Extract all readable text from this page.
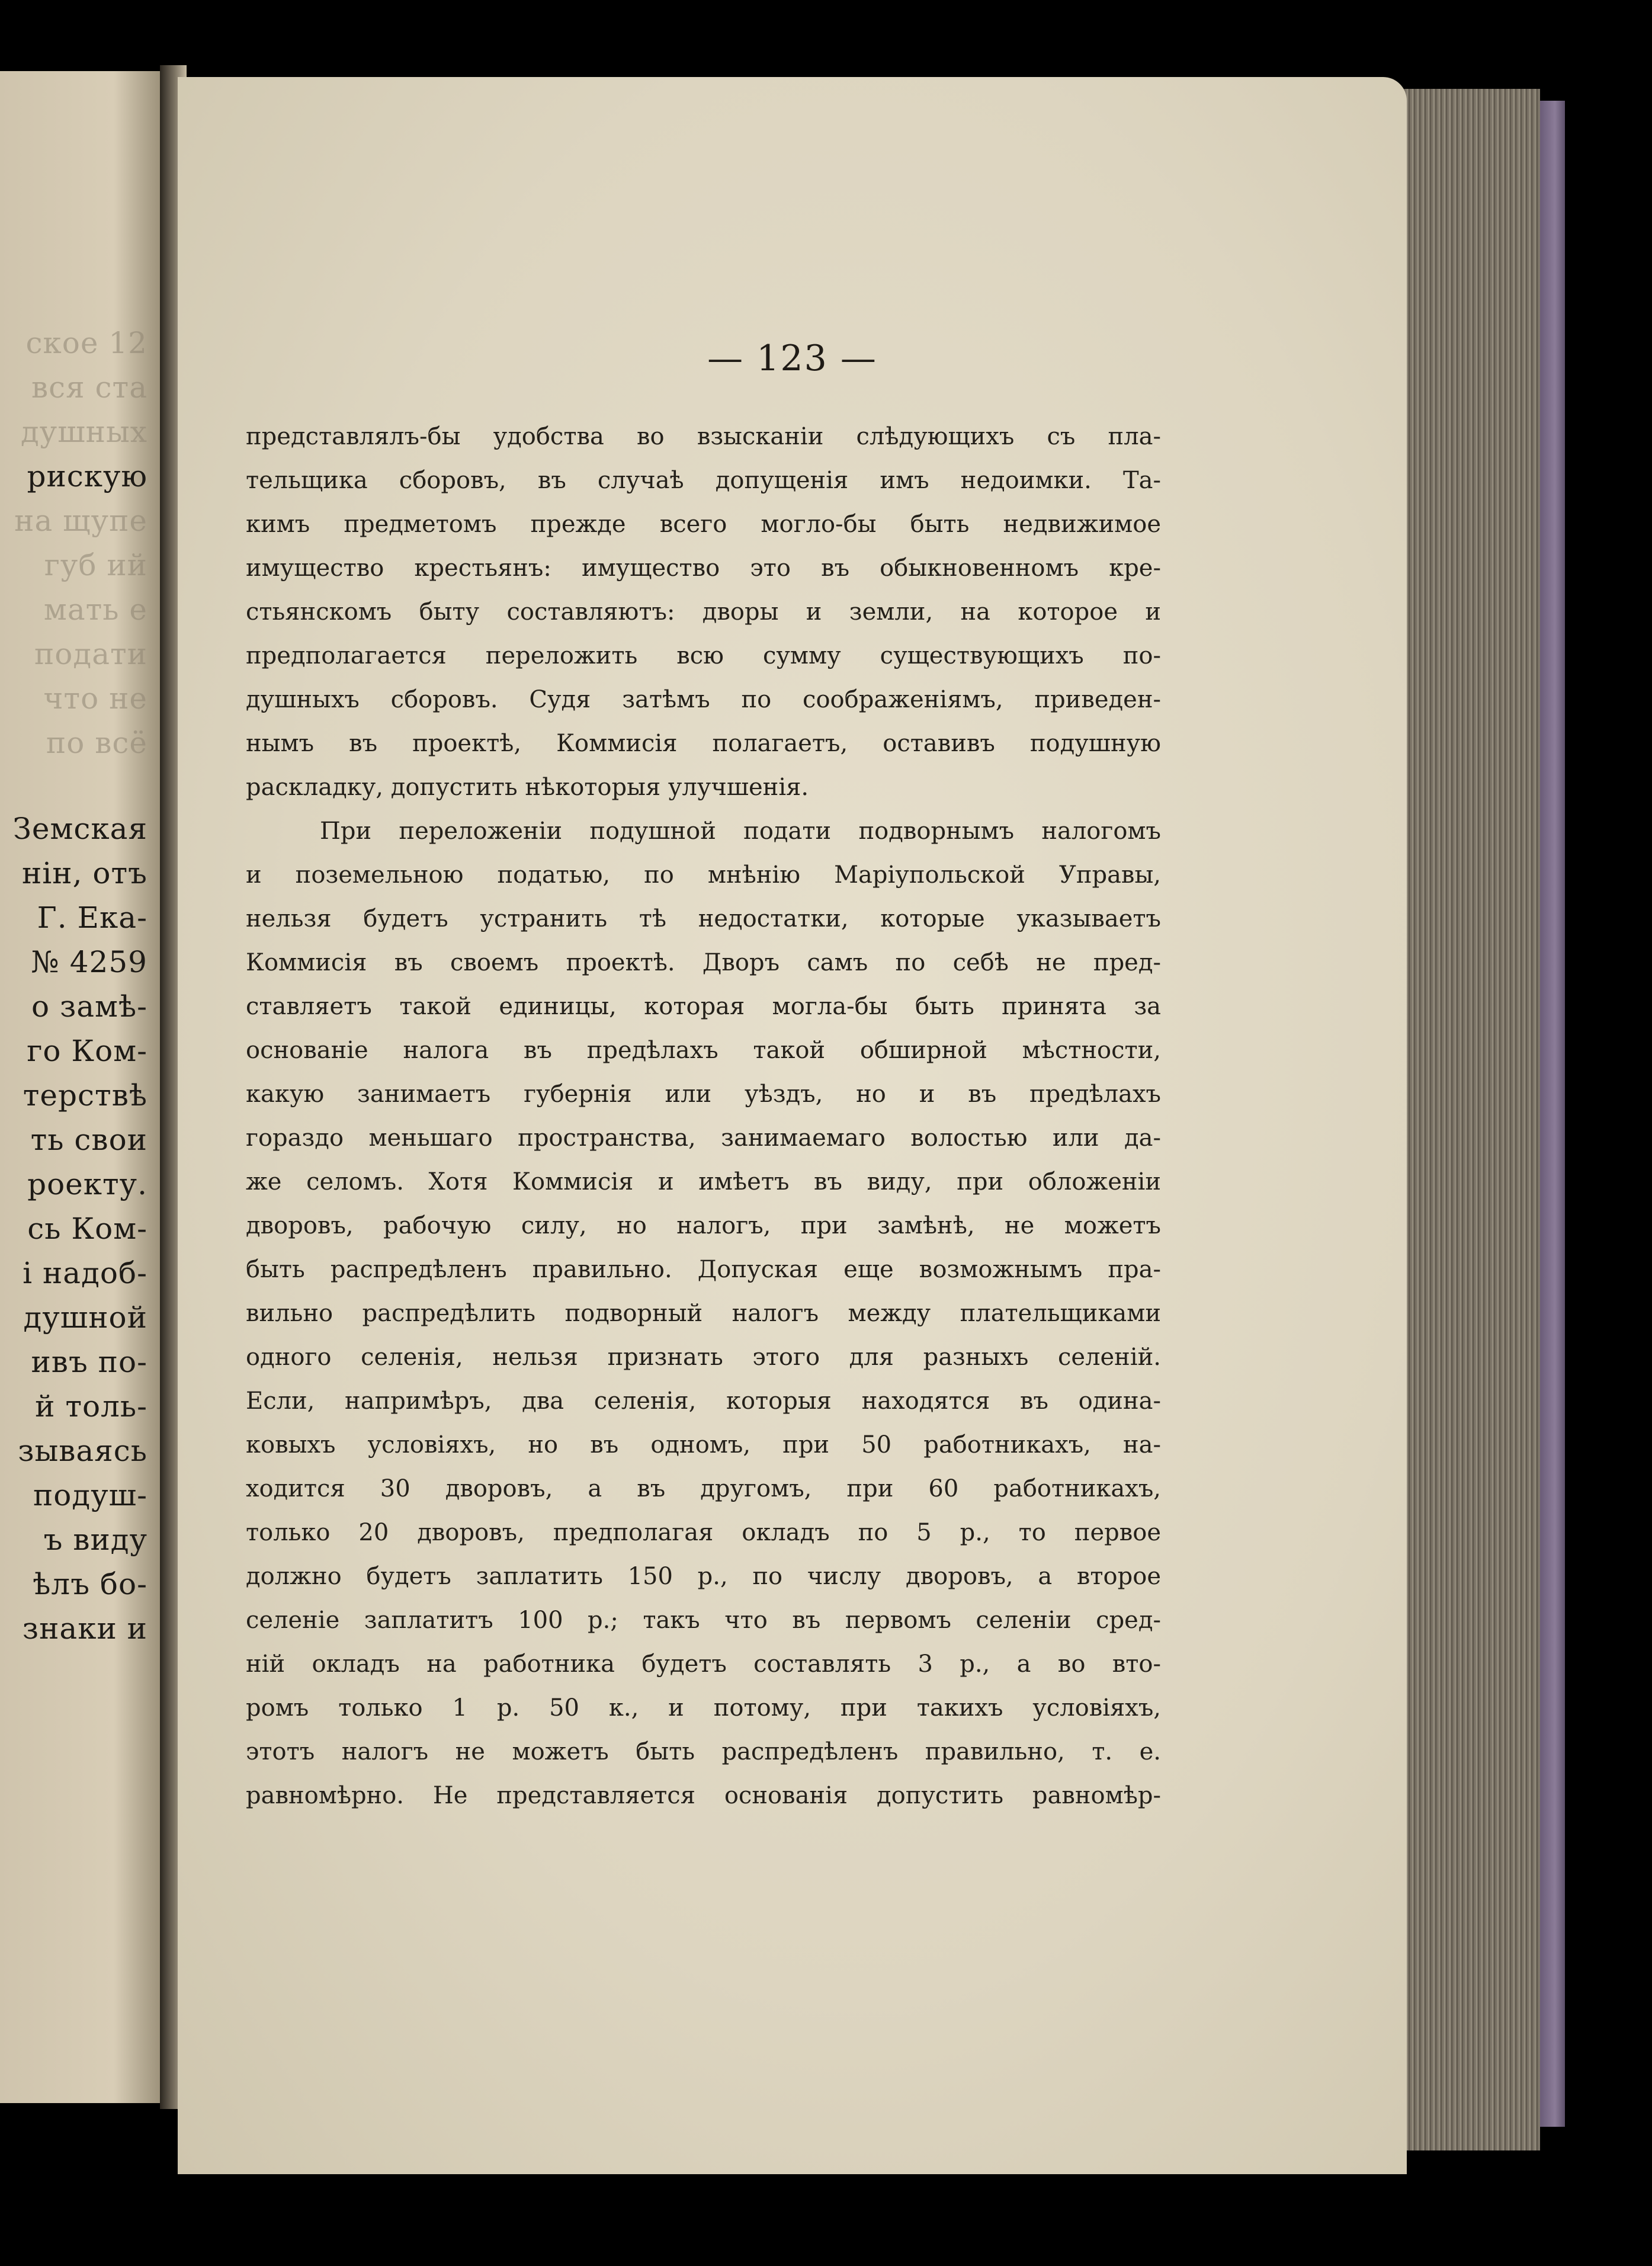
ское 12
вся ста
душных
рискую
на щупе
губ ий
мать е
подати
что не
по всё
Земская
нін, отъ
Г. Ека-
№ 4259
о замѣ-
го Ком-
терствѣ
ть свои
роекту.
сь Ком-
і надоб-
душной
ивъ по-
й толь-
зываясь
подуш-
ъ виду
ѣлъ бо-
знаки и
— 123 —
представлялъ-бы удобства во взысканіи слѣдующихъ съ пла-
тельщика сборовъ, въ случаѣ допущенія имъ недоимки. Та-
кимъ предметомъ прежде всего могло-бы быть недвижимое
имущество крестьянъ: имущество это въ обыкновенномъ кре-
стьянскомъ быту составляютъ: дворы и земли, на которое и
предполагается переложить всю сумму существующихъ по-
душныхъ сборовъ. Судя затѣмъ по соображеніямъ, приведен-
нымъ въ проектѣ, Коммисія полагаетъ, оставивъ подушную
раскладку, допустить нѣкоторыя улучшенія.
При переложеніи подушной подати подворнымъ налогомъ
и поземельною податью, по мнѣнію Маріупольской Управы,
нельзя будетъ устранить тѣ недостатки, которые указываетъ
Коммисія въ своемъ проектѣ. Дворъ самъ по себѣ не пред-
ставляетъ такой единицы, которая могла-бы быть принята за
основаніе налога въ предѣлахъ такой обширной мѣстности,
какую занимаетъ губернія или уѣздъ, но и въ предѣлахъ
гораздо меньшаго пространства, занимаемаго волостью или да-
же селомъ. Хотя Коммисія и имѣетъ въ виду, при обложеніи
дворовъ, рабочую силу, но налогъ, при замѣнѣ, не можетъ
быть распредѣленъ правильно. Допуская еще возможнымъ пра-
вильно распредѣлить подворный налогъ между плательщиками
одного селенія, нельзя признать этого для разныхъ селеній.
Если, напримѣръ, два селенія, которыя находятся въ одина-
ковыхъ условіяхъ, но въ одномъ, при 50 работникахъ, на-
ходится 30 дворовъ, а въ другомъ, при 60 работникахъ,
только 20 дворовъ, предполагая окладъ по 5 р., то первое
должно будетъ заплатить 150 р., по числу дворовъ, а второе
селеніе заплатитъ 100 р.; такъ что въ первомъ селеніи сред-
ній окладъ на работника будетъ составлять 3 р., а во вто-
ромъ только 1 р. 50 к., и потому, при такихъ условіяхъ,
этотъ налогъ не можетъ быть распредѣленъ правильно, т. е.
равномѣрно. Не представляется основанія допустить равномѣр-
